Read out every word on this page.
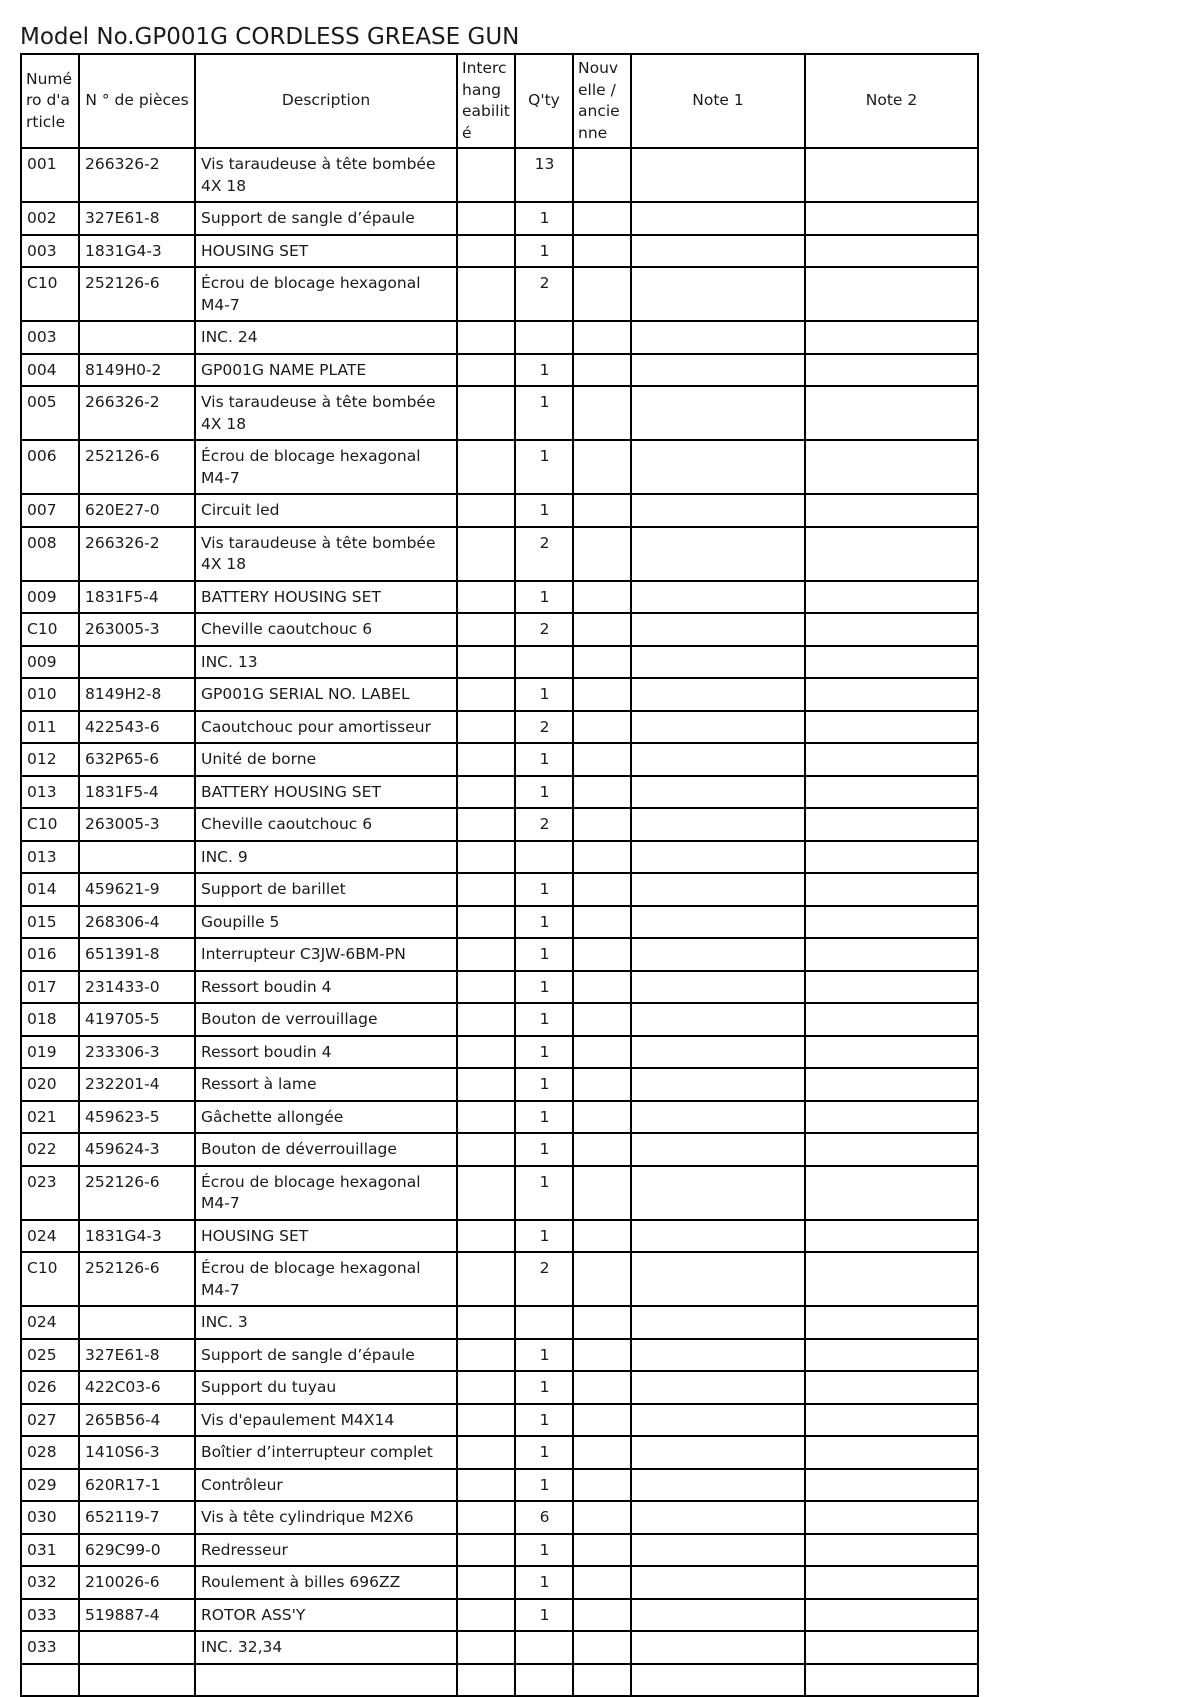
Model No.GP001G CORDLESS GREASE GUN
Numé
ro d'a
rticle	N ° de pièces	Description	Interc
hang
eabilit
é	Q'ty	Nouv
elle /
ancie
nne	Note 1	Note 2
001	266326-2	Vis taraudeuse à tête bombée 4X 18		13			
002	327E61-8	Support de sangle d’épaule		1			
003	1831G4-3	HOUSING SET		1			
C10	252126-6	Écrou de blocage hexagonal M4-7		2			
003		INC. 24					
004	8149H0-2	GP001G NAME PLATE		1			
005	266326-2	Vis taraudeuse à tête bombée 4X 18		1			
006	252126-6	Écrou de blocage hexagonal M4-7		1			
007	620E27-0	Circuit led		1			
008	266326-2	Vis taraudeuse à tête bombée 4X 18		2			
009	1831F5-4	BATTERY HOUSING SET		1			
C10	263005-3	Cheville caoutchouc 6		2			
009		INC. 13					
010	8149H2-8	GP001G SERIAL NO. LABEL		1			
011	422543-6	Caoutchouc pour amortisseur		2			
012	632P65-6	Unité de borne		1			
013	1831F5-4	BATTERY HOUSING SET		1			
C10	263005-3	Cheville caoutchouc 6		2			
013		INC. 9					
014	459621-9	Support de barillet		1			
015	268306-4	Goupille 5		1			
016	651391-8	Interrupteur C3JW-6BM-PN		1			
017	231433-0	Ressort boudin 4		1			
018	419705-5	Bouton de verrouillage		1			
019	233306-3	Ressort boudin 4		1			
020	232201-4	Ressort à lame		1			
021	459623-5	Gâchette allongée		1			
022	459624-3	Bouton de déverrouillage		1			
023	252126-6	Écrou de blocage hexagonal M4-7		1			
024	1831G4-3	HOUSING SET		1			
C10	252126-6	Écrou de blocage hexagonal M4-7		2			
024		INC. 3					
025	327E61-8	Support de sangle d’épaule		1			
026	422C03-6	Support du tuyau		1			
027	265B56-4	Vis d'epaulement M4X14		1			
028	1410S6-3	Boîtier d’interrupteur complet		1			
029	620R17-1	Contrôleur		1			
030	652119-7	Vis à tête cylindrique M2X6		6			
031	629C99-0	Redresseur		1			
032	210026-6	Roulement à billes 696ZZ		1			
033	519887-4	ROTOR ASS'Y		1			
033		INC. 32,34					
